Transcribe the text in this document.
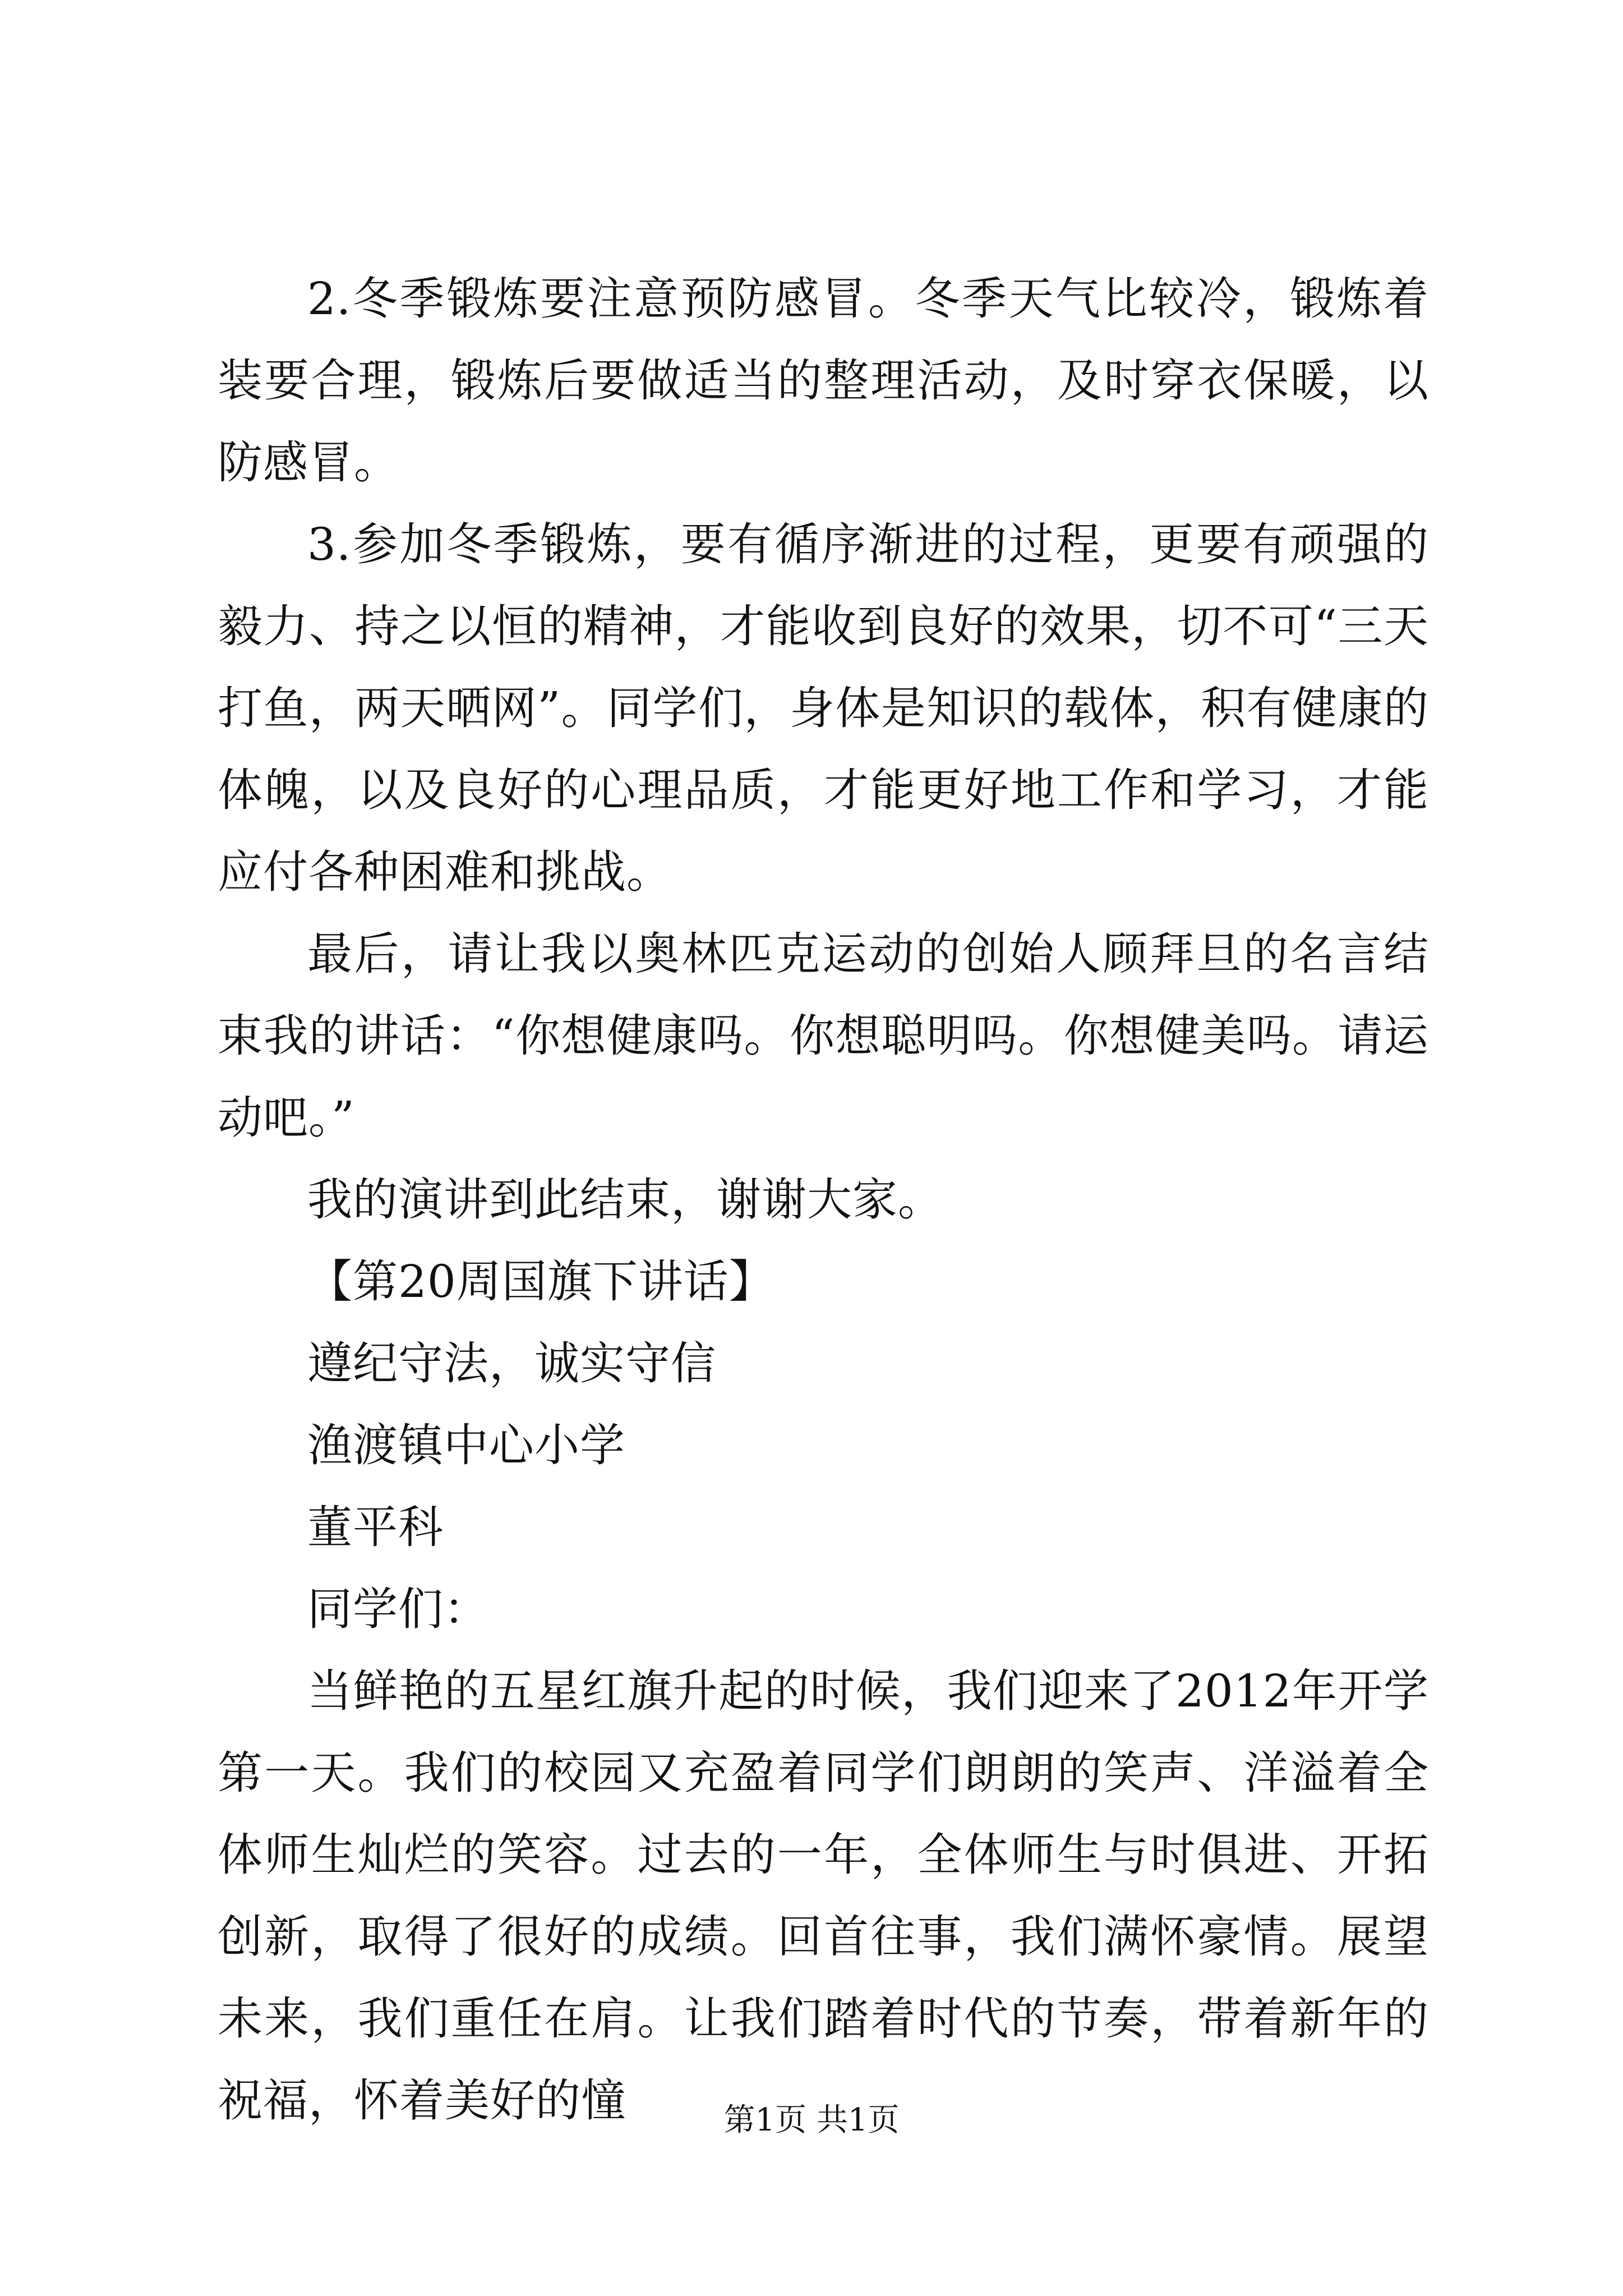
2.冬季锻炼要注意预防感冒。冬季天气比较冷，锻炼着装要合理，锻炼后要做适当的整理活动，及时穿衣保暖，以防感冒。

3.参加冬季锻炼，要有循序渐进的过程，更要有顽强的毅力、持之以恒的精神，才能收到良好的效果，切不可“三天打鱼，两天晒网”。同学们，身体是知识的载体，积有健康的体魄，以及良好的心理品质，才能更好地工作和学习，才能应付各种困难和挑战。

最后，请让我以奥林匹克运动的创始人顾拜旦的名言结束我的讲话：“你想健康吗。你想聪明吗。你想健美吗。请运动吧。”

我的演讲到此结束，谢谢大家。

【第20周国旗下讲话】

遵纪守法，诚实守信

渔渡镇中心小学

董平科

同学们：

当鲜艳的五星红旗升起的时候，我们迎来了2012年开学第一天。我们的校园又充盈着同学们朗朗的笑声、洋溢着全体师生灿烂的笑容。过去的一年，全体师生与时俱进、开拓创新，取得了很好的成绩。回首往事，我们满怀豪情。展望未来，我们重任在肩。让我们踏着时代的节奏，带着新年的祝福，怀着美好的憧	第1页 共1页
